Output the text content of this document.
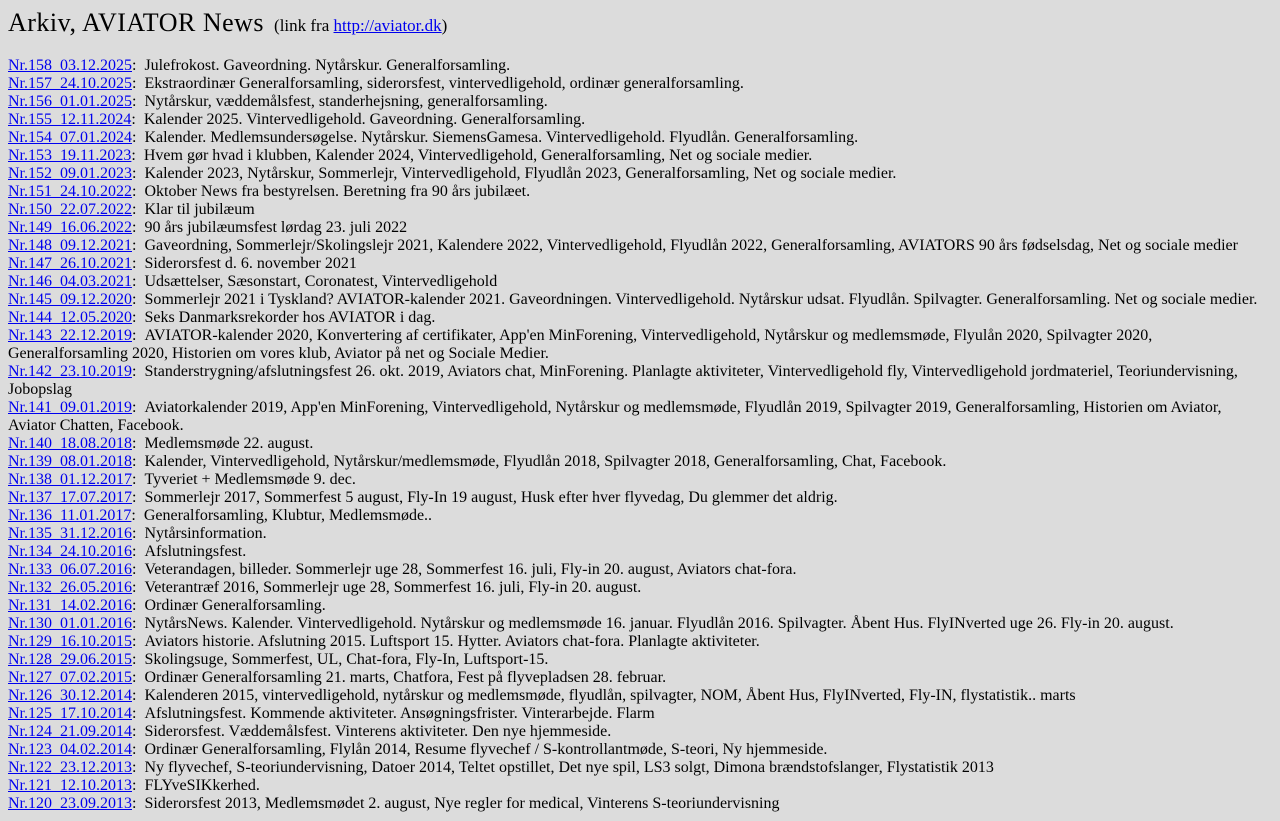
Arkiv, AVIATOR News (link fra http://aviator.dk)
Nr.158_03.12.2025: Julefrokost. Gaveordning. Nytårskur. Generalforsamling.
Nr.157_24.10.2025: Ekstraordinær Generalforsamling, siderorsfest, vintervedligehold, ordinær generalforsamling.
Nr.156_01.01.2025: Nytårskur, væddemålsfest, standerhejsning, generalforsamling.
Nr.155_12.11.2024: Kalender 2025. Vintervedligehold. Gaveordning. Generalforsamling.
Nr.154_07.01.2024: Kalender. Medlemsundersøgelse. Nytårskur. SiemensGamesa. Vintervedligehold. Flyudlån. Generalforsamling.
Nr.153_19.11.2023: Hvem gør hvad i klubben, Kalender 2024, Vintervedligehold, Generalforsamling, Net og sociale medier.
Nr.152_09.01.2023: Kalender 2023, Nytårskur, Sommerlejr, Vintervedligehold, Flyudlån 2023, Generalforsamling, Net og sociale medier.
Nr.151_24.10.2022: Oktober News fra bestyrelsen. Beretning fra 90 års jubilæet.
Nr.150_22.07.2022: Klar til jubilæum
Nr.149_16.06.2022: 90 års jubilæumsfest lørdag 23. juli 2022
Nr.148_09.12.2021: Gaveordning, Sommerlejr/Skolingslejr 2021, Kalendere 2022, Vintervedligehold, Flyudlån 2022, Generalforsamling, AVIATORS 90 års fødselsdag, Net og sociale medier
Nr.147_26.10.2021: Siderorsfest d. 6. november 2021
Nr.146_04.03.2021: Udsættelser, Sæsonstart, Coronatest, Vintervedligehold
Nr.145_09.12.2020: Sommerlejr 2021 i Tyskland? AVIATOR-kalender 2021. Gaveordningen. Vintervedligehold. Nytårskur udsat. Flyudlån. Spilvagter. Generalforsamling. Net og sociale medier.
Nr.144_12.05.2020: Seks Danmarksrekorder hos AVIATOR i dag.
Nr.143_22.12.2019: AVIATOR-kalender 2020, Konvertering af certifikater, App'en MinForening, Vintervedligehold, Nytårskur og medlemsmøde, Flyulån 2020, Spilvagter 2020, Generalforsamling 2020, Historien om vores klub, Aviator på net og Sociale Medier.
Nr.142_23.10.2019: Standerstrygning/afslutningsfest 26. okt. 2019, Aviators chat, MinForening. Planlagte aktiviteter, Vintervedligehold fly, Vintervedligehold jordmateriel, Teoriundervisning, Jobopslag
Nr.141_09.01.2019: Aviatorkalender 2019, App'en MinForening, Vintervedligehold, Nytårskur og medlemsmøde, Flyudlån 2019, Spilvagter 2019, Generalforsamling, Historien om Aviator, Aviator Chatten, Facebook.
Nr.140_18.08.2018: Medlemsmøde 22. august.
Nr.139_08.01.2018: Kalender, Vintervedligehold, Nytårskur/medlemsmøde, Flyudlån 2018, Spilvagter 2018, Generalforsamling, Chat, Facebook.
Nr.138_01.12.2017: Tyveriet + Medlemsmøde 9. dec.
Nr.137_17.07.2017: Sommerlejr 2017, Sommerfest 5 august, Fly-In 19 august, Husk efter hver flyvedag, Du glemmer det aldrig.
Nr.136_11.01.2017: Generalforsamling, Klubtur, Medlemsmøde..
Nr.135_31.12.2016: Nytårsinformation.
Nr.134_24.10.2016: Afslutningsfest.
Nr.133_06.07.2016: Veterandagen, billeder. Sommerlejr uge 28, Sommerfest 16. juli, Fly-in 20. august, Aviators chat-fora.
Nr.132_26.05.2016: Veterantræf 2016, Sommerlejr uge 28, Sommerfest 16. juli, Fly-in 20. august.
Nr.131_14.02.2016: Ordinær Generalforsamling.
Nr.130_01.01.2016: NytårsNews. Kalender. Vintervedligehold. Nytårskur og medlemsmøde 16. januar. Flyudlån 2016. Spilvagter. Åbent Hus. FlyINverted uge 26. Fly-in 20. august.
Nr.129_16.10.2015: Aviators historie. Afslutning 2015. Luftsport 15. Hytter. Aviators chat-fora. Planlagte aktiviteter.
Nr.128_29.06.2015: Skolingsuge, Sommerfest, UL, Chat-fora, Fly-In, Luftsport-15.
Nr.127_07.02.2015: Ordinær Generalforsamling 21. marts, Chatfora, Fest på flyvepladsen 28. februar.
Nr.126_30.12.2014: Kalenderen 2015, vintervedligehold, nytårskur og medlemsmøde, flyudlån, spilvagter, NOM, Åbent Hus, FlyINverted, Fly-IN, flystatistik.. marts
Nr.125_17.10.2014: Afslutningsfest. Kommende aktiviteter. Ansøgningsfrister. Vinterarbejde. Flarm
Nr.124_21.09.2014: Siderorsfest. Væddemålsfest. Vinterens aktiviteter. Den nye hjemmeside.
Nr.123_04.02.2014: Ordinær Generalforsamling, Flylån 2014, Resume flyvechef / S-kontrollantmøde, S-teori, Ny hjemmeside.
Nr.122_23.12.2013: Ny flyvechef, S-teoriundervisning, Datoer 2014, Teltet opstillet, Det nye spil, LS3 solgt, Dimona brændstofslanger, Flystatistik 2013
Nr.121_12.10.2013: FLYveSIKkerhed.
Nr.120_23.09.2013: Siderorsfest 2013, Medlemsmødet 2. august, Nye regler for medical, Vinterens S-teoriundervisning
